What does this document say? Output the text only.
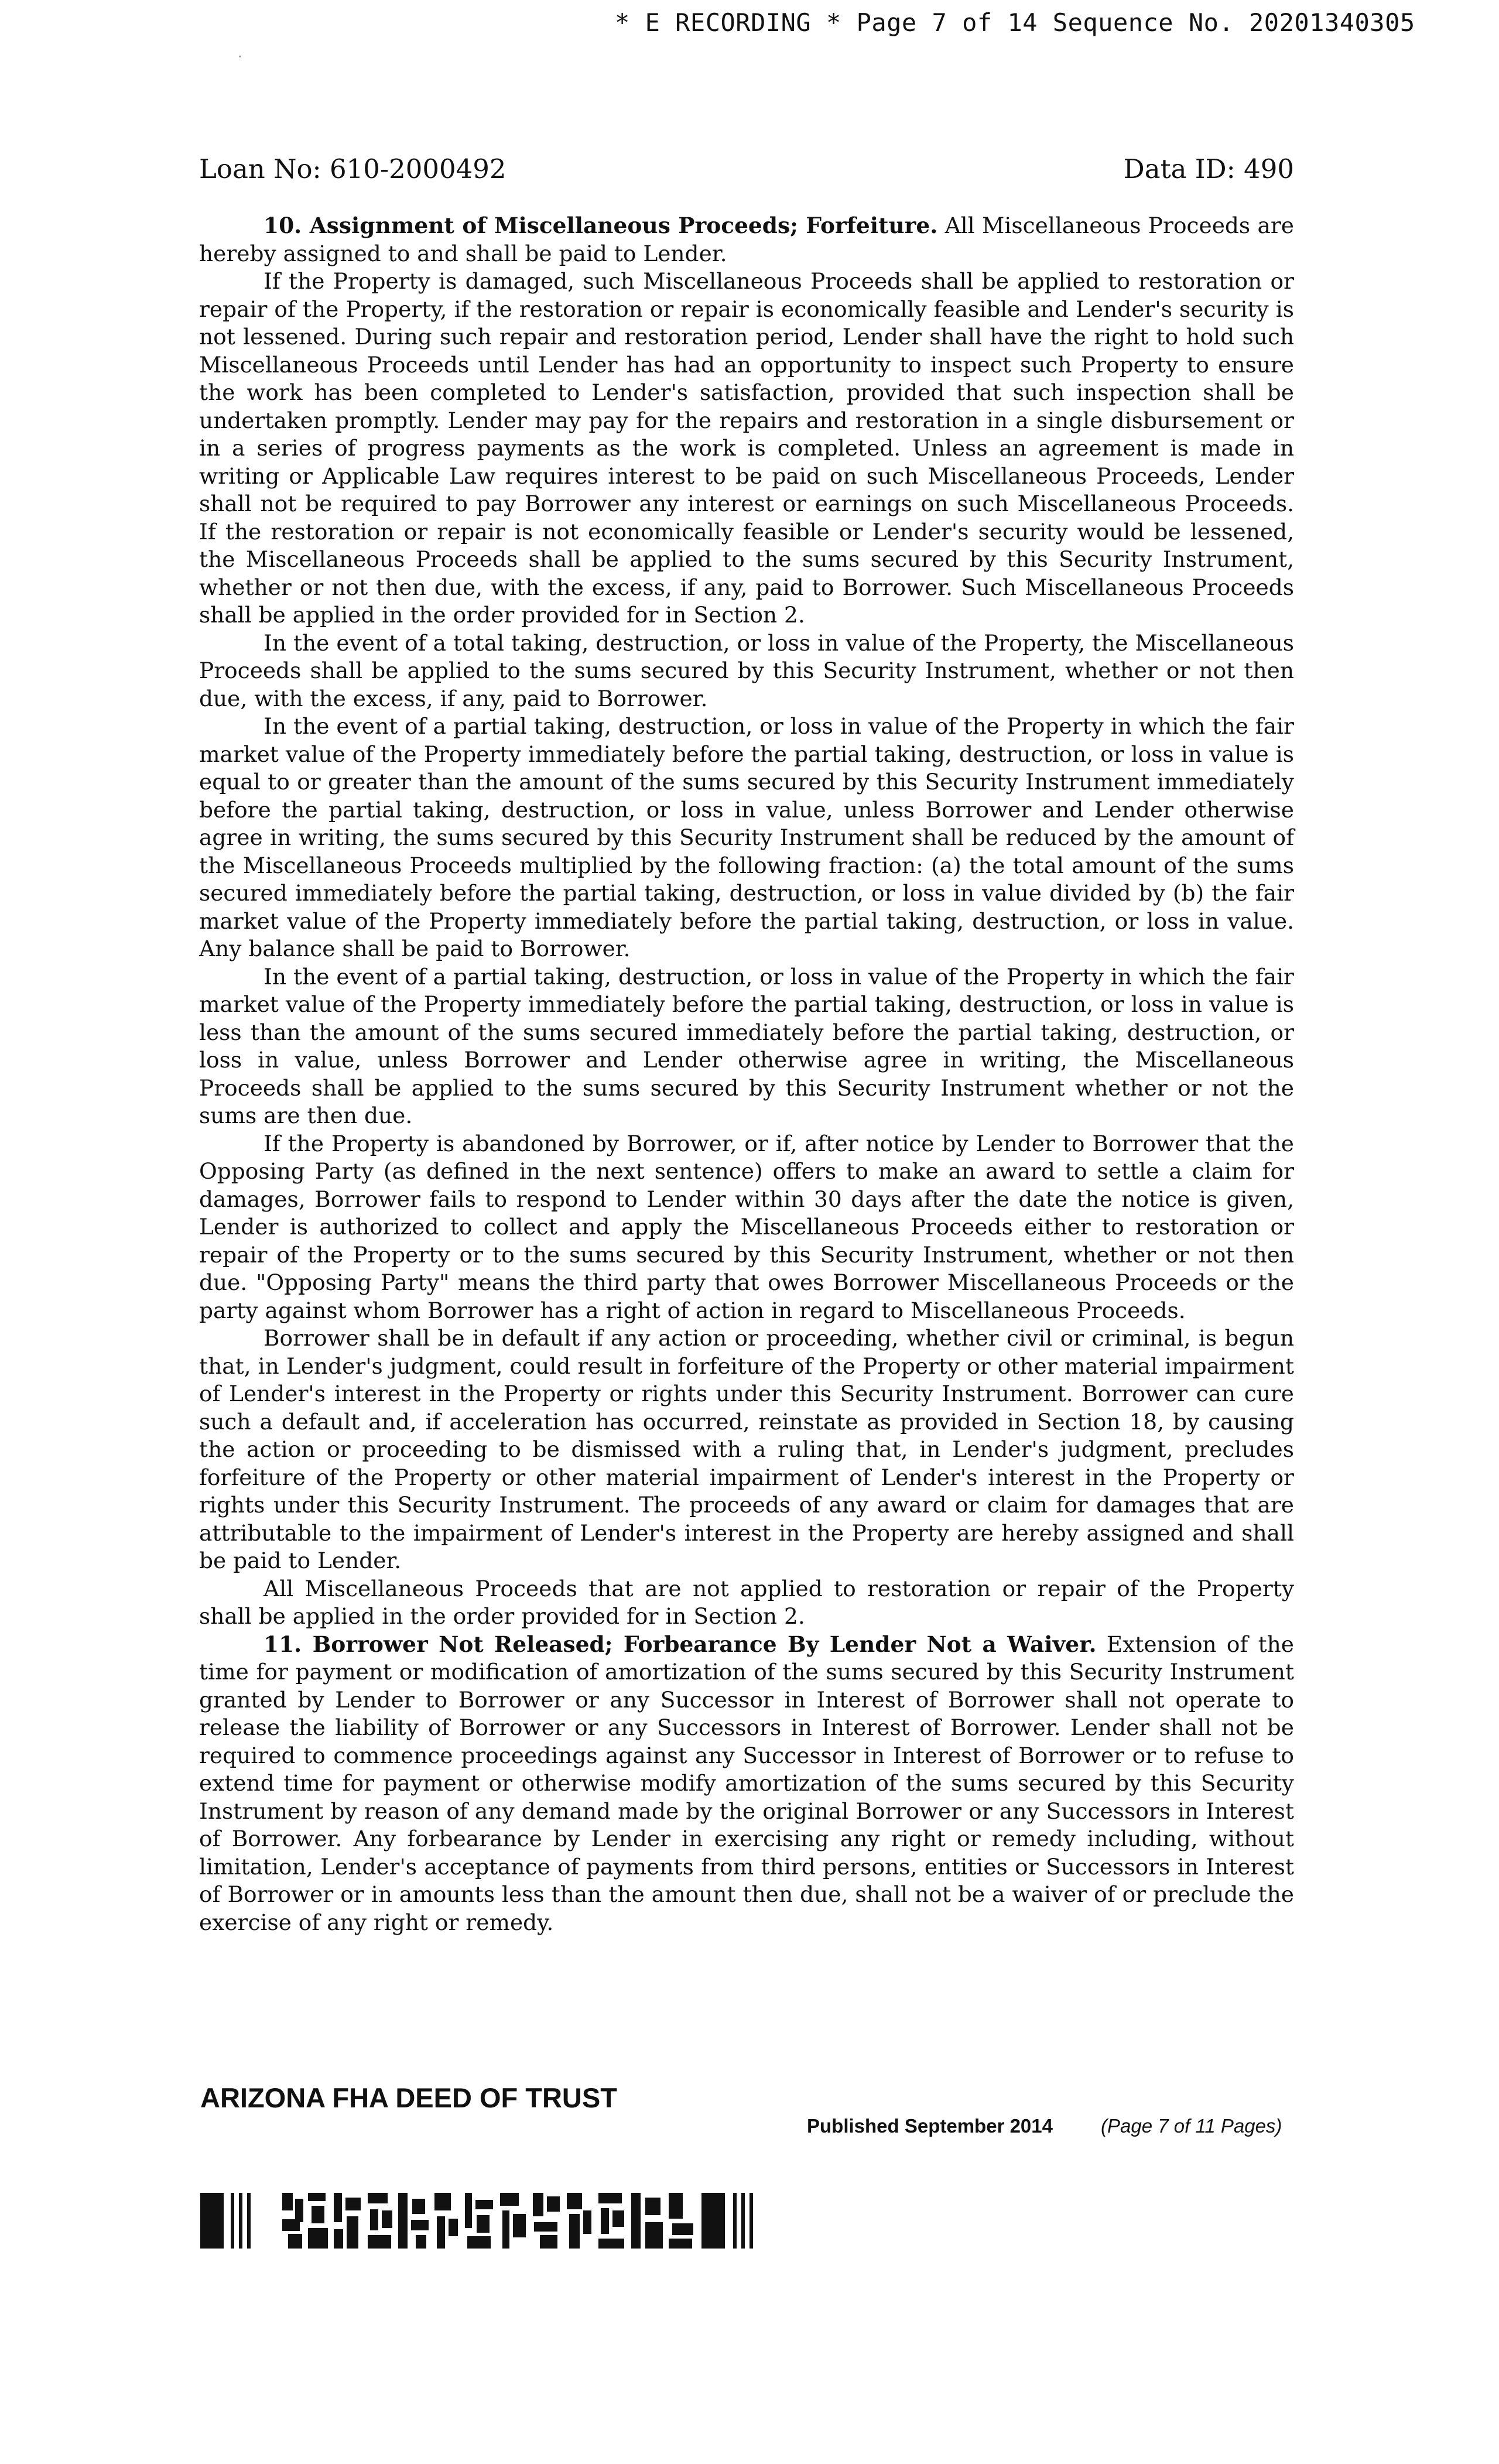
* E RECORDING * Page 7 of 14 Sequence No. 20201340305
Loan No: 610-2000492	Data ID: 490

10. Assignment of Miscellaneous Proceeds; Forfeiture. All Miscellaneous Proceeds are hereby assigned to and shall be paid to Lender.

If the Property is damaged, such Miscellaneous Proceeds shall be applied to restoration or repair of the Property, if the restoration or repair is economically feasible and Lender's security is not lessened. During such repair and restoration period, Lender shall have the right to hold such Miscellaneous Proceeds until Lender has had an opportunity to inspect such Property to ensure the work has been completed to Lender's satisfaction, provided that such inspection shall be undertaken promptly. Lender may pay for the repairs and restoration in a single disbursement or in a series of progress payments as the work is completed. Unless an agreement is made in writing or Applicable Law requires interest to be paid on such Miscellaneous Proceeds, Lender shall not be required to pay Borrower any interest or earnings on such Miscellaneous Proceeds. If the restoration or repair is not economically feasible or Lender's security would be lessened, the Miscellaneous Proceeds shall be applied to the sums secured by this Security Instrument, whether or not then due, with the excess, if any, paid to Borrower. Such Miscellaneous Proceeds shall be applied in the order provided for in Section 2.

In the event of a total taking, destruction, or loss in value of the Property, the Miscellaneous Proceeds shall be applied to the sums secured by this Security Instrument, whether or not then due, with the excess, if any, paid to Borrower.

In the event of a partial taking, destruction, or loss in value of the Property in which the fair market value of the Property immediately before the partial taking, destruction, or loss in value is equal to or greater than the amount of the sums secured by this Security Instrument immediately before the partial taking, destruction, or loss in value, unless Borrower and Lender otherwise agree in writing, the sums secured by this Security Instrument shall be reduced by the amount of the Miscellaneous Proceeds multiplied by the following fraction: (a) the total amount of the sums secured immediately before the partial taking, destruction, or loss in value divided by (b) the fair market value of the Property immediately before the partial taking, destruction, or loss in value. Any balance shall be paid to Borrower.

In the event of a partial taking, destruction, or loss in value of the Property in which the fair market value of the Property immediately before the partial taking, destruction, or loss in value is less than the amount of the sums secured immediately before the partial taking, destruction, or loss in value, unless Borrower and Lender otherwise agree in writing, the Miscellaneous Proceeds shall be applied to the sums secured by this Security Instrument whether or not the sums are then due.

If the Property is abandoned by Borrower, or if, after notice by Lender to Borrower that the Opposing Party (as defined in the next sentence) offers to make an award to settle a claim for damages, Borrower fails to respond to Lender within 30 days after the date the notice is given, Lender is authorized to collect and apply the Miscellaneous Proceeds either to restoration or repair of the Property or to the sums secured by this Security Instrument, whether or not then due. "Opposing Party" means the third party that owes Borrower Miscellaneous Proceeds or the party against whom Borrower has a right of action in regard to Miscellaneous Proceeds.

Borrower shall be in default if any action or proceeding, whether civil or criminal, is begun that, in Lender's judgment, could result in forfeiture of the Property or other material impairment of Lender's interest in the Property or rights under this Security Instrument. Borrower can cure such a default and, if acceleration has occurred, reinstate as provided in Section 18, by causing the action or proceeding to be dismissed with a ruling that, in Lender's judgment, precludes forfeiture of the Property or other material impairment of Lender's interest in the Property or rights under this Security Instrument. The proceeds of any award or claim for damages that are attributable to the impairment of Lender's interest in the Property are hereby assigned and shall be paid to Lender.

All Miscellaneous Proceeds that are not applied to restoration or repair of the Property shall be applied in the order provided for in Section 2.

11. Borrower Not Released; Forbearance By Lender Not a Waiver. Extension of the time for payment or modification of amortization of the sums secured by this Security Instrument granted by Lender to Borrower or any Successor in Interest of Borrower shall not operate to release the liability of Borrower or any Successors in Interest of Borrower. Lender shall not be required to commence proceedings against any Successor in Interest of Borrower or to refuse to extend time for payment or otherwise modify amortization of the sums secured by this Security Instrument by reason of any demand made by the original Borrower or any Successors in Interest of Borrower. Any forbearance by Lender in exercising any right or remedy including, without limitation, Lender's acceptance of payments from third persons, entities or Successors in Interest of Borrower or in amounts less than the amount then due, shall not be a waiver of or preclude the exercise of any right or remedy.

ARIZONA FHA DEED OF TRUST
Published September 2014 (Page 7 of 11 Pages)
